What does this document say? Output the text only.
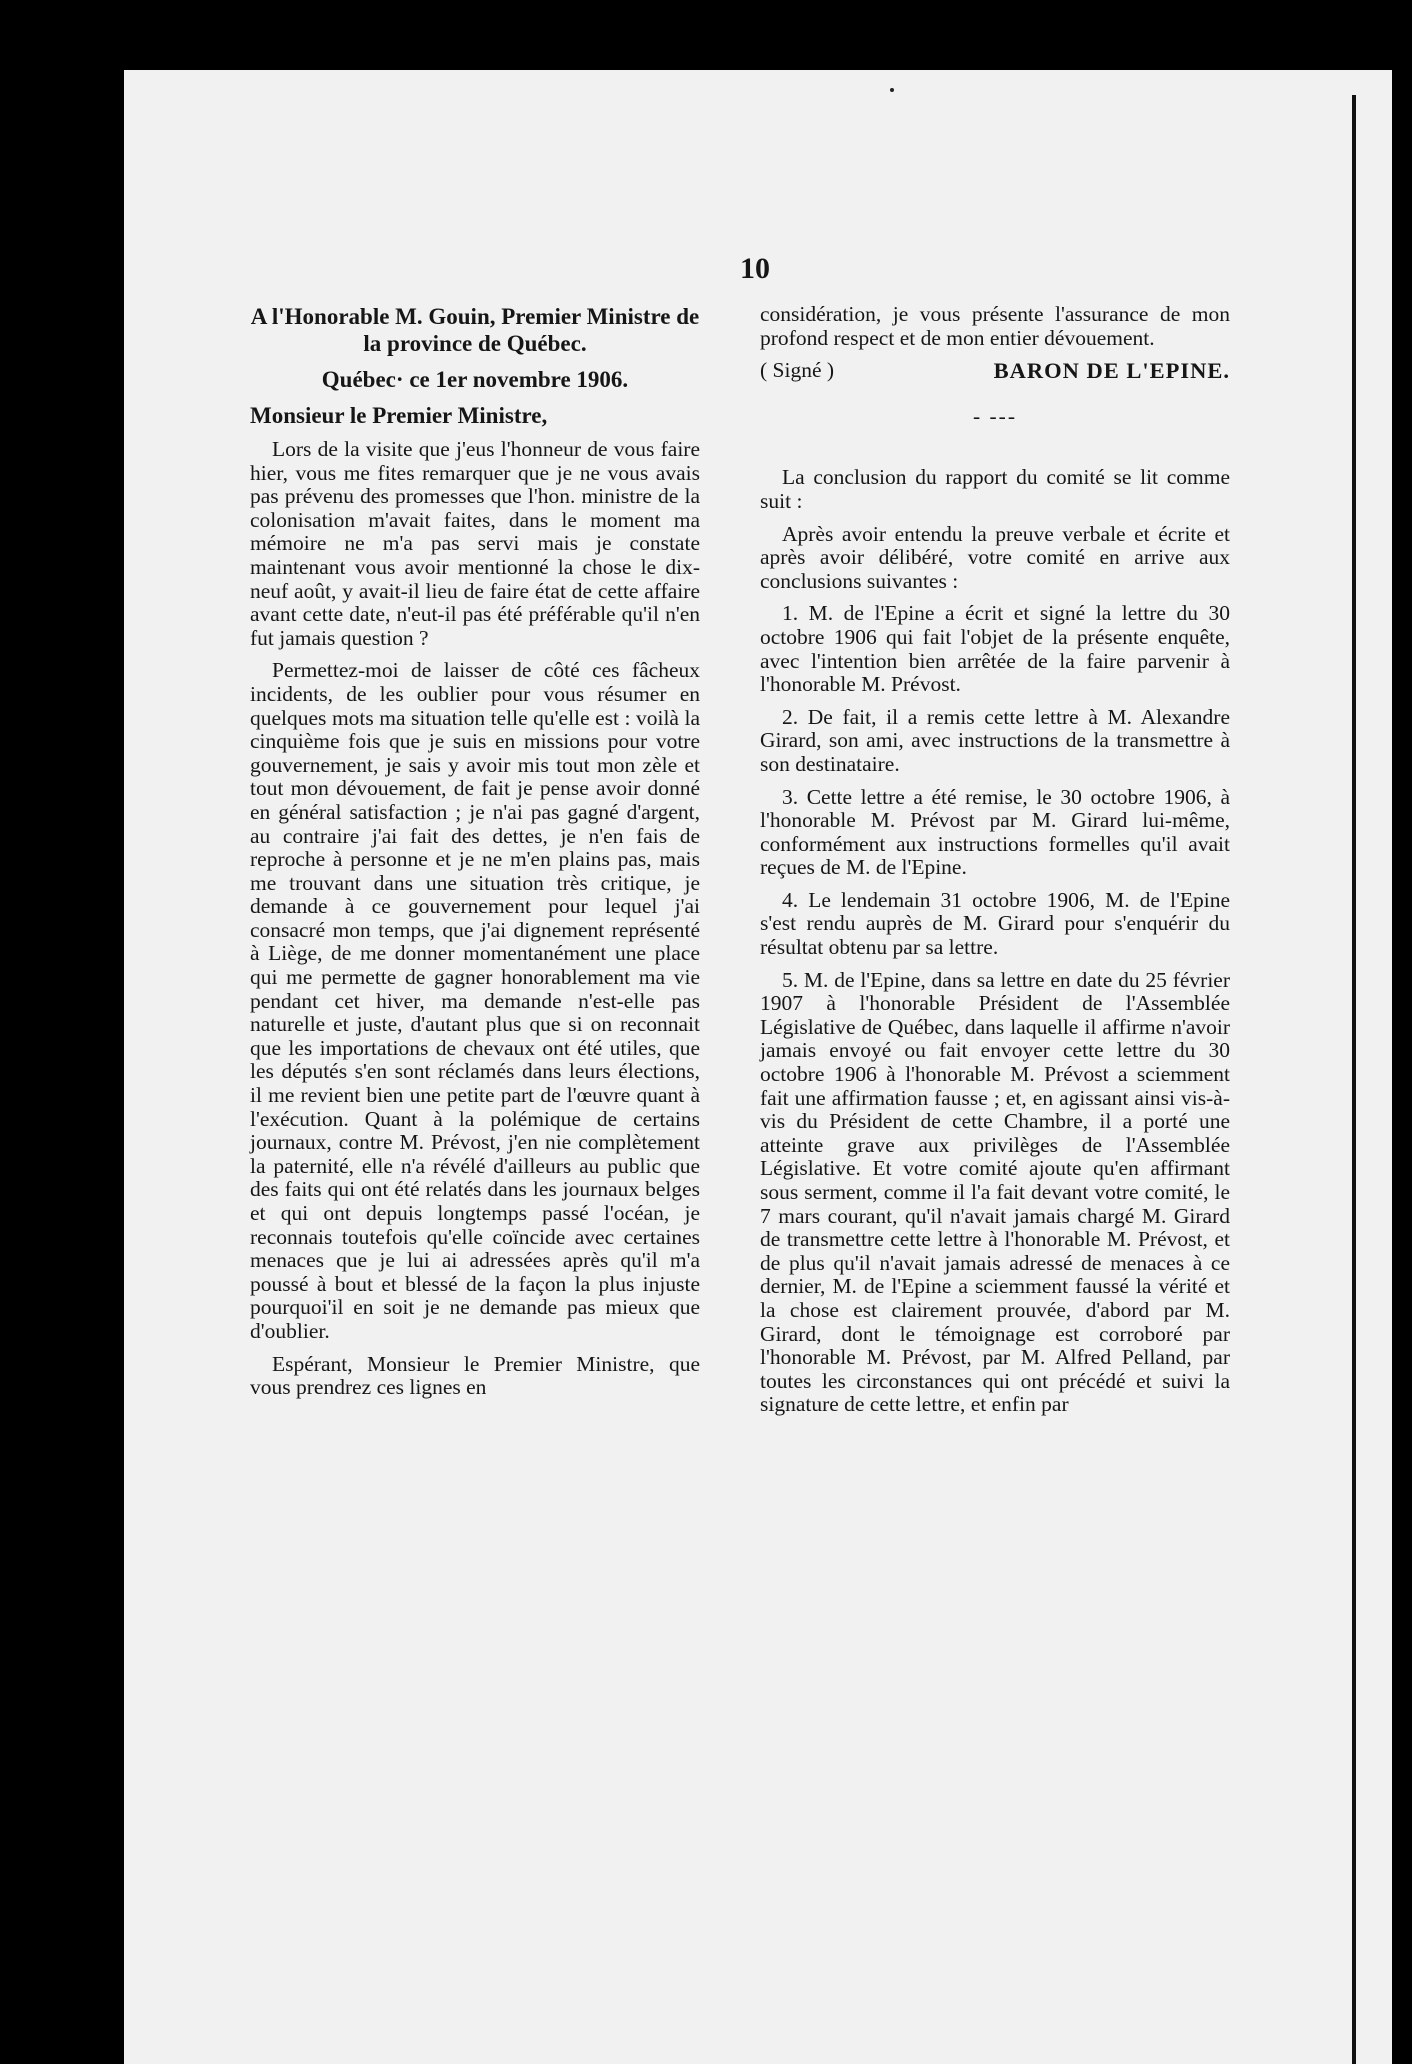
10

A l'Honorable M. Gouin, Premier Ministre de la province de Québec.

Québec· ce 1er novembre 1906.

Monsieur le Premier Ministre,

Lors de la visite que j'eus l'honneur de vous faire hier, vous me fites remarquer que je ne vous avais pas prévenu des promesses que l'hon. ministre de la colonisation m'avait faites, dans le moment ma mémoire ne m'a pas servi mais je constate maintenant vous avoir mentionné la chose le dix-neuf août, y avait-il lieu de faire état de cette affaire avant cette date, n'eut-il pas été préférable qu'il n'en fut jamais question ?

Permettez-moi de laisser de côté ces fâcheux incidents, de les oublier pour vous résumer en quelques mots ma situation telle qu'elle est : voilà la cinquième fois que je suis en missions pour votre gouvernement, je sais y avoir mis tout mon zèle et tout mon dévouement, de fait je pense avoir donné en général satisfaction ; je n'ai pas gagné d'argent, au contraire j'ai fait des dettes, je n'en fais de reproche à personne et je ne m'en plains pas, mais me trouvant dans une situation très critique, je demande à ce gouvernement pour lequel j'ai consacré mon temps, que j'ai dignement représenté à Liège, de me donner momentanément une place qui me permette de gagner honorablement ma vie pendant cet hiver, ma demande n'est-elle pas naturelle et juste, d'autant plus que si on reconnait que les importations de chevaux ont été utiles, que les députés s'en sont réclamés dans leurs élections, il me revient bien une petite part de l'œuvre quant à l'exécution. Quant à la polémique de certains journaux, contre M. Prévost, j'en nie complètement la paternité, elle n'a révélé d'ailleurs au public que des faits qui ont été relatés dans les journaux belges et qui ont depuis longtemps passé l'océan, je reconnais toutefois qu'elle coïncide avec certaines menaces que je lui ai adressées après qu'il m'a poussé à bout et blessé de la façon la plus injuste pourquoi'il en soit je ne demande pas mieux que d'oublier.

Espérant, Monsieur le Premier Ministre, que vous prendrez ces lignes en

considération, je vous présente l'assurance de mon profond respect et de mon entier dévouement.

( Signé )	BARON DE L'EPINE.

- ---

La conclusion du rapport du comité se lit comme suit :

Après avoir entendu la preuve verbale et écrite et après avoir délibéré, votre comité en arrive aux conclusions suivantes :

1. M. de l'Epine a écrit et signé la lettre du 30 octobre 1906 qui fait l'objet de la présente enquête, avec l'intention bien arrêtée de la faire parvenir à l'honorable M. Prévost.

2. De fait, il a remis cette lettre à M. Alexandre Girard, son ami, avec instructions de la transmettre à son destinataire.

3. Cette lettre a été remise, le 30 octobre 1906, à l'honorable M. Prévost par M. Girard lui-même, conformément aux instructions formelles qu'il avait reçues de M. de l'Epine.

4. Le lendemain 31 octobre 1906, M. de l'Epine s'est rendu auprès de M. Girard pour s'enquérir du résultat obtenu par sa lettre.

5. M. de l'Epine, dans sa lettre en date du 25 février 1907 à l'honorable Président de l'Assemblée Législative de Québec, dans laquelle il affirme n'avoir jamais envoyé ou fait envoyer cette lettre du 30 octobre 1906 à l'honorable M. Prévost a sciemment fait une affirmation fausse ; et, en agissant ainsi vis-à-vis du Président de cette Chambre, il a porté une atteinte grave aux privilèges de l'Assemblée Législative. Et votre comité ajoute qu'en affirmant sous serment, comme il l'a fait devant votre comité, le 7 mars courant, qu'il n'avait jamais chargé M. Girard de transmettre cette lettre à l'honorable M. Prévost, et de plus qu'il n'avait jamais adressé de menaces à ce dernier, M. de l'Epine a sciemment faussé la vérité et la chose est clairement prouvée, d'abord par M. Girard, dont le témoignage est corroboré par l'honorable M. Prévost, par M. Alfred Pelland, par toutes les circonstances qui ont précédé et suivi la signature de cette lettre, et enfin par
